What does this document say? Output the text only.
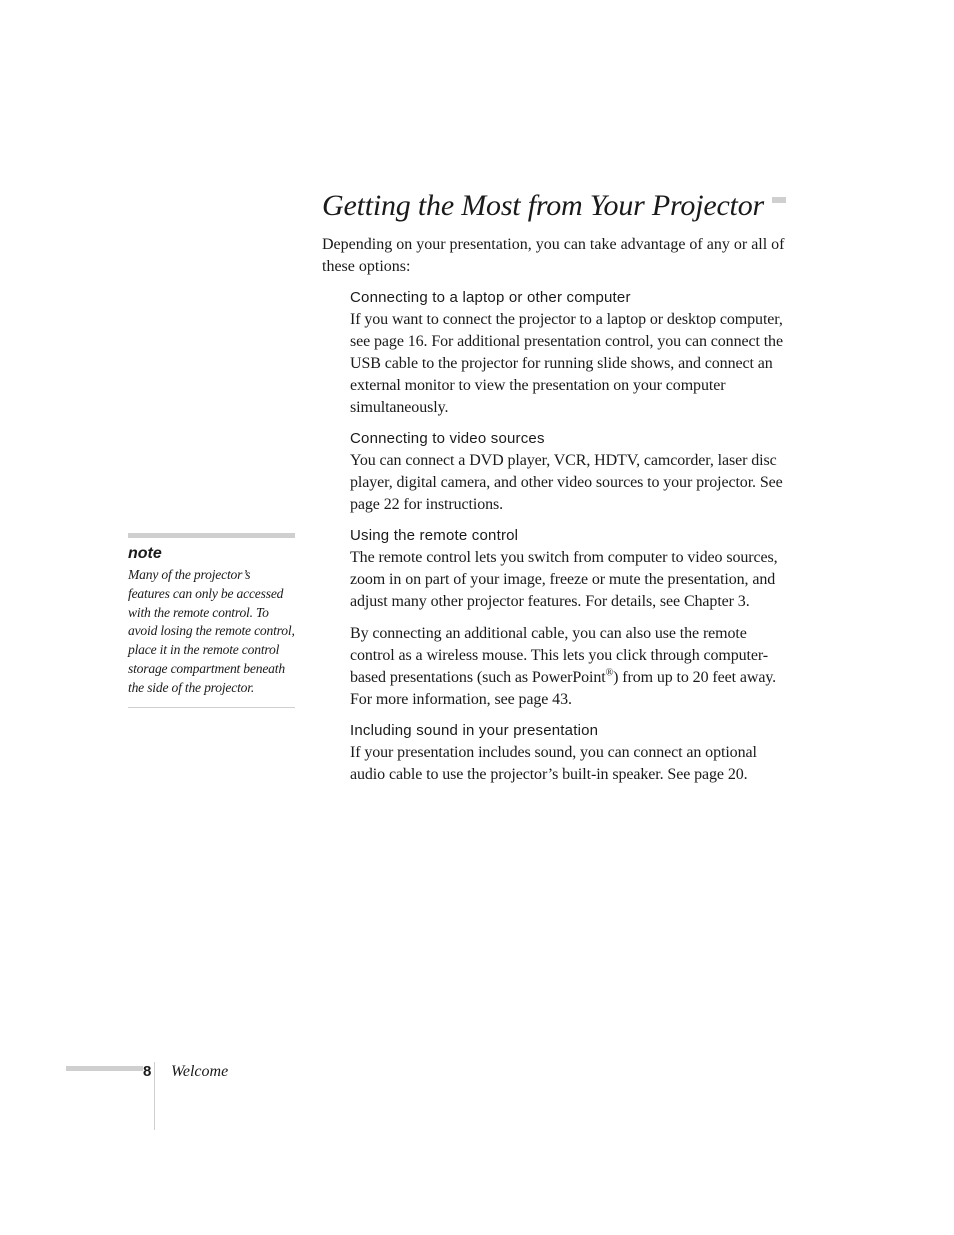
Getting the Most from Your Projector

Depending on your presentation, you can take advantage of any or all of these options:

Connecting to a laptop or other computer

If you want to connect the projector to a laptop or desktop computer, see page 16. For additional presentation control, you can connect the USB cable to the projector for running slide shows, and connect an external monitor to view the presentation on your computer simultaneously.

Connecting to video sources

You can connect a DVD player, VCR, HDTV, camcorder, laser disc player, digital camera, and other video sources to your projector. See page 22 for instructions.

Using the remote control

The remote control lets you switch from computer to video sources, zoom in on part of your image, freeze or mute the presentation, and adjust many other projector features. For details, see Chapter 3.

By connecting an additional cable, you can also use the remote control as a wireless mouse. This lets you click through computer-based presentations (such as PowerPoint®) from up to 20 feet away. For more information, see page 43.

Including sound in your presentation

If your presentation includes sound, you can connect an optional audio cable to use the projector’s built-in speaker. See page 20.

note

Many of the projector’s features can only be accessed with the remote control. To avoid losing the remote control, place it in the remote control storage compartment beneath the side of the projector.

8 Welcome
